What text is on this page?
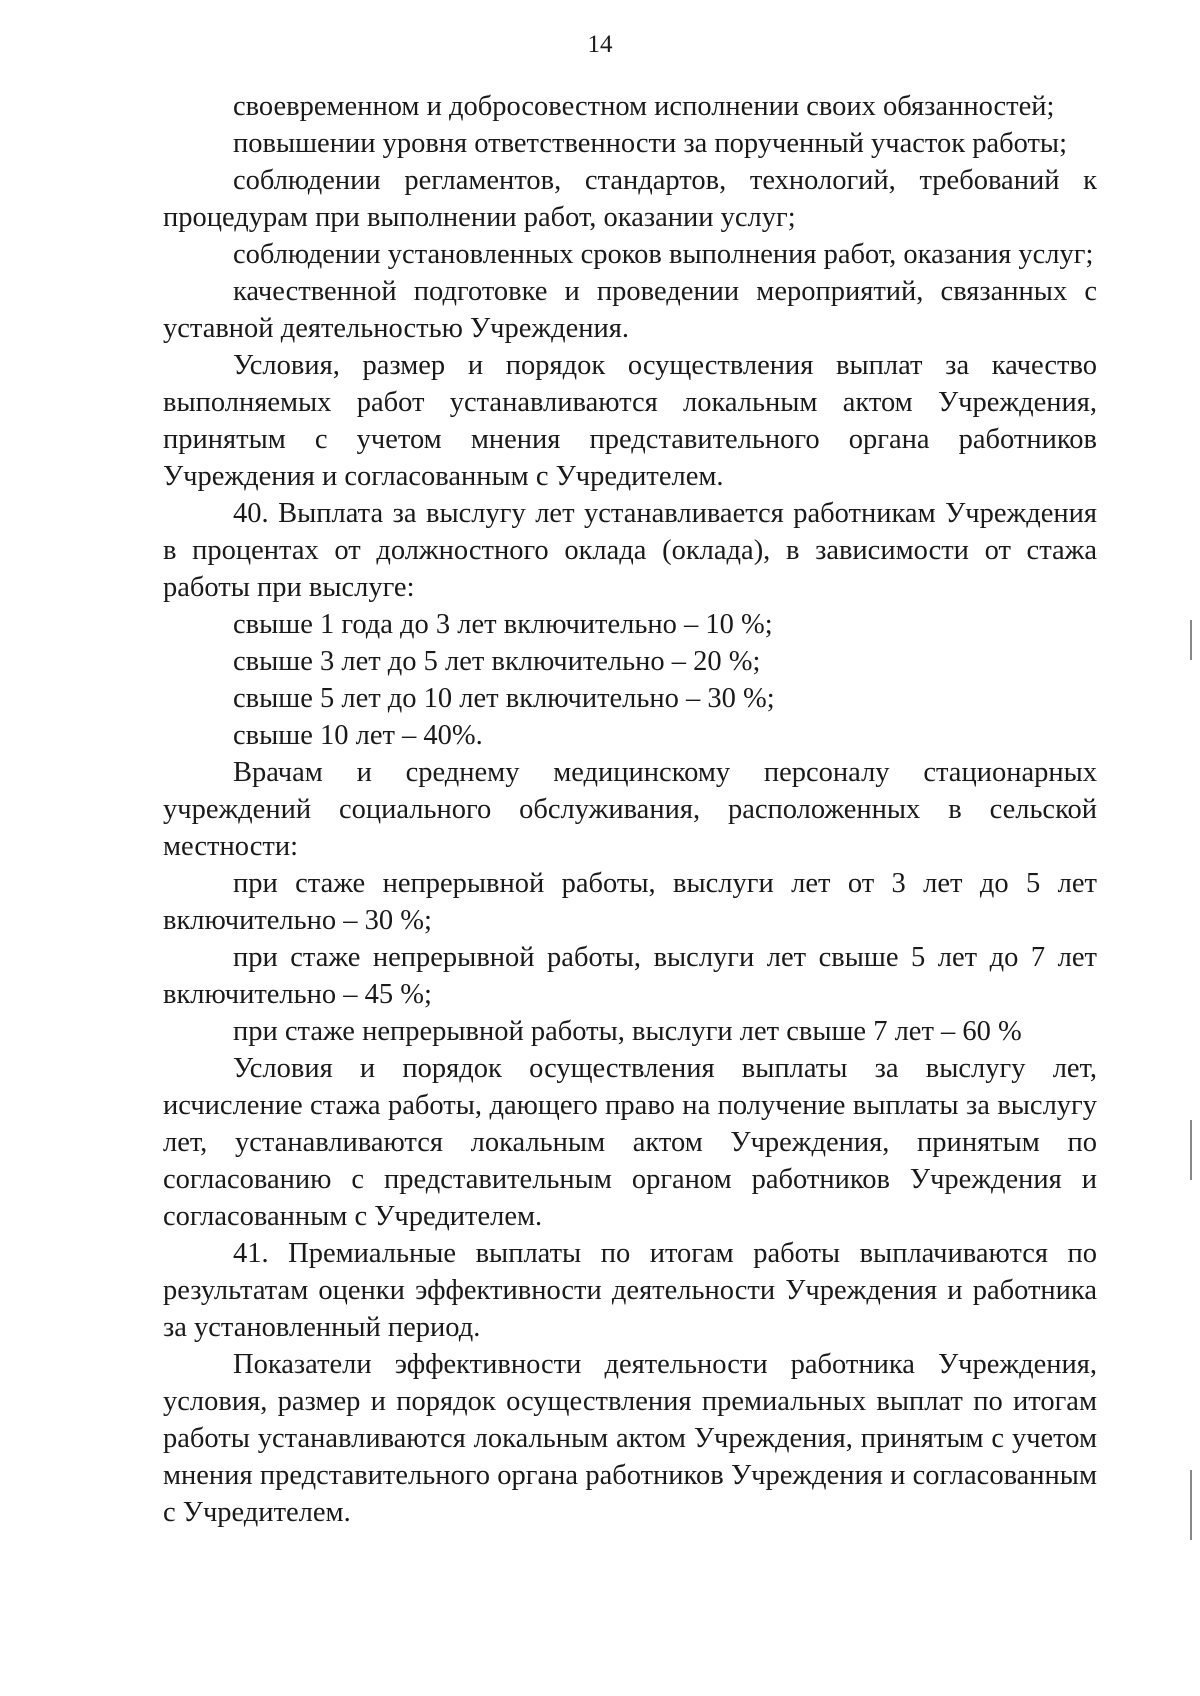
14

своевременном и добросовестном исполнении своих обязанностей;

повышении уровня ответственности за порученный участок работы;

соблюдении регламентов, стандартов, технологий, требований к процедурам при выполнении работ, оказании услуг;

соблюдении установленных сроков выполнения работ, оказания услуг;

качественной подготовке и проведении мероприятий, связанных с уставной деятельностью Учреждения.

Условия, размер и порядок осуществления выплат за качество выполняемых работ устанавливаются локальным актом Учреждения, принятым с учетом мнения представительного органа работников Учреждения и согласованным с Учредителем.

40. Выплата за выслугу лет устанавливается работникам Учреждения в процентах от должностного оклада (оклада), в зависимости от стажа работы при выслуге:

свыше 1 года до 3 лет включительно – 10 %;

свыше 3 лет до 5 лет включительно – 20 %;

свыше 5 лет до 10 лет включительно – 30 %;

свыше 10 лет – 40%.

Врачам и среднему медицинскому персоналу стационарных учреждений социального обслуживания, расположенных в сельской местности:

при стаже непрерывной работы, выслуги лет от 3 лет до 5 лет включительно – 30 %;

при стаже непрерывной работы, выслуги лет свыше 5 лет до 7 лет включительно – 45 %;

при стаже непрерывной работы, выслуги лет свыше 7 лет – 60 %

Условия и порядок осуществления выплаты за выслугу лет, исчисление стажа работы, дающего право на получение выплаты за выслугу лет, устанавливаются локальным актом Учреждения, принятым по согласованию с представительным органом работников Учреждения и согласованным с Учредителем.

41. Премиальные выплаты по итогам работы выплачиваются по результатам оценки эффективности деятельности Учреждения и работника за установленный период.

Показатели эффективности деятельности работника Учреждения, условия, размер и порядок осуществления премиальных выплат по итогам работы устанавливаются локальным актом Учреждения, принятым с учетом мнения представительного органа работников Учреждения и согласованным с Учредителем.
